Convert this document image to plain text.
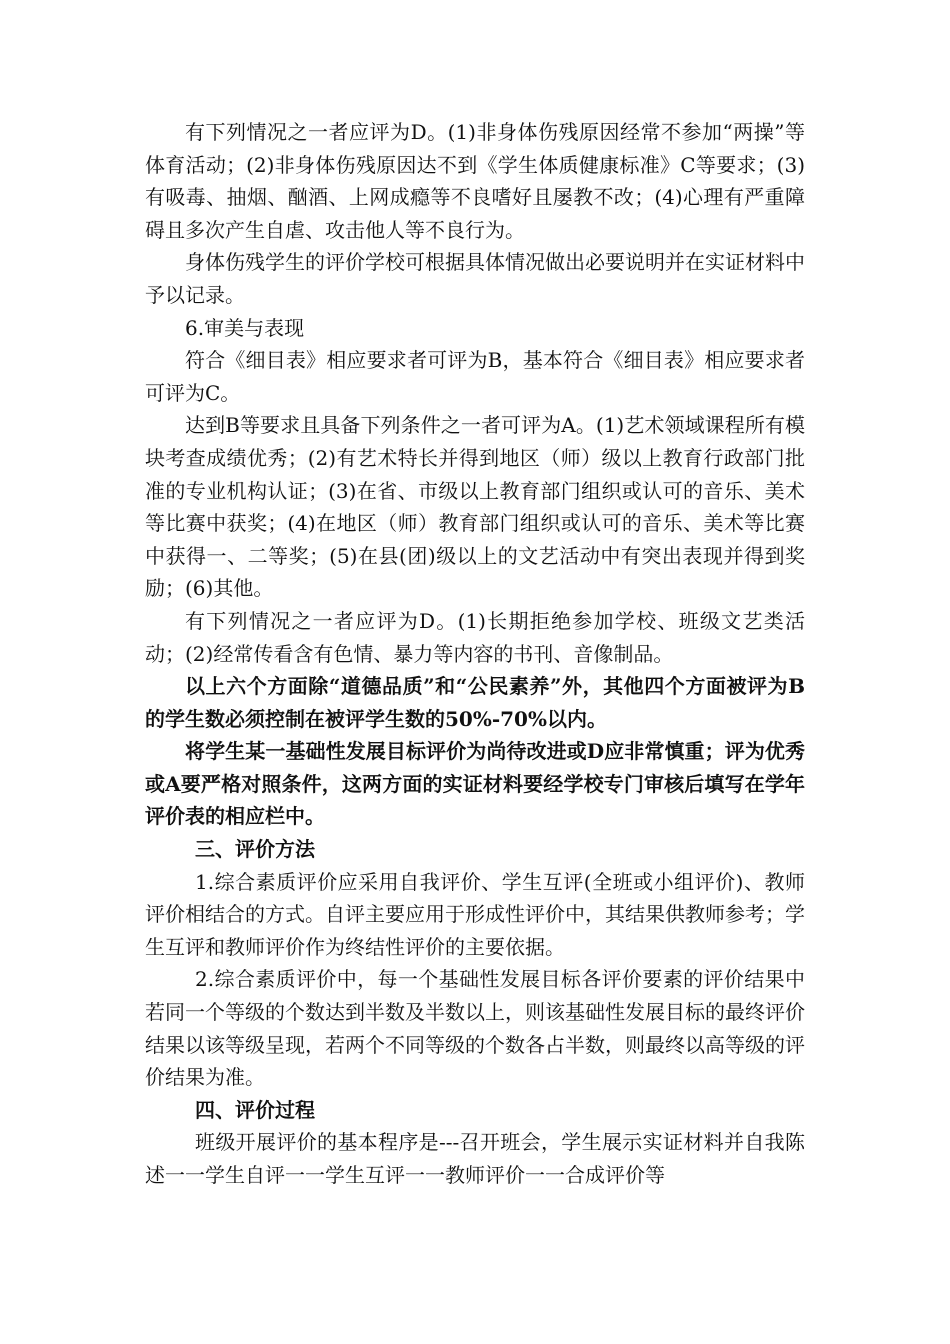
有下列情况之一者应评为D。(1)非身体伤残原因经常不参加“两操”等体育活动；(2)非身体伤残原因达不到《学生体质健康标准》C等要求；(3)有吸毒、抽烟、酗酒、上网成瘾等不良嗜好且屡教不改；(4)心理有严重障碍且多次产生自虐、攻击他人等不良行为。

身体伤残学生的评价学校可根据具体情况做出必要说明并在实证材料中予以记录。

6.审美与表现

符合《细目表》相应要求者可评为B，基本符合《细目表》相应要求者可评为C。

达到B等要求且具备下列条件之一者可评为A。(1)艺术领域课程所有模块考查成绩优秀；(2)有艺术特长并得到地区（师）级以上教育行政部门批准的专业机构认证；(3)在省、市级以上教育部门组织或认可的音乐、美术等比赛中获奖；(4)在地区（师）教育部门组织或认可的音乐、美术等比赛中获得一、二等奖；(5)在县(团)级以上的文艺活动中有突出表现并得到奖励；(6)其他。

有下列情况之一者应评为D。(1)长期拒绝参加学校、班级文艺类活动；(2)经常传看含有色情、暴力等内容的书刊、音像制品。

以上六个方面除“道德品质”和“公民素养”外，其他四个方面被评为B的学生数必须控制在被评学生数的50%-70%以内。

将学生某一基础性发展目标评价为尚待改进或D应非常慎重；评为优秀或A要严格对照条件，这两方面的实证材料要经学校专门审核后填写在学年评价表的相应栏中。

三、评价方法

1.综合素质评价应采用自我评价、学生互评(全班或小组评价)、教师评价相结合的方式。自评主要应用于形成性评价中，其结果供教师参考；学生互评和教师评价作为终结性评价的主要依据。

2.综合素质评价中，每一个基础性发展目标各评价要素的评价结果中若同一个等级的个数达到半数及半数以上，则该基础性发展目标的最终评价结果以该等级呈现，若两个不同等级的个数各占半数，则最终以高等级的评价结果为准。

四、评价过程

班级开展评价的基本程序是---召开班会，学生展示实证材料并自我陈述一一学生自评一一学生互评一一教师评价一一合成评价等
